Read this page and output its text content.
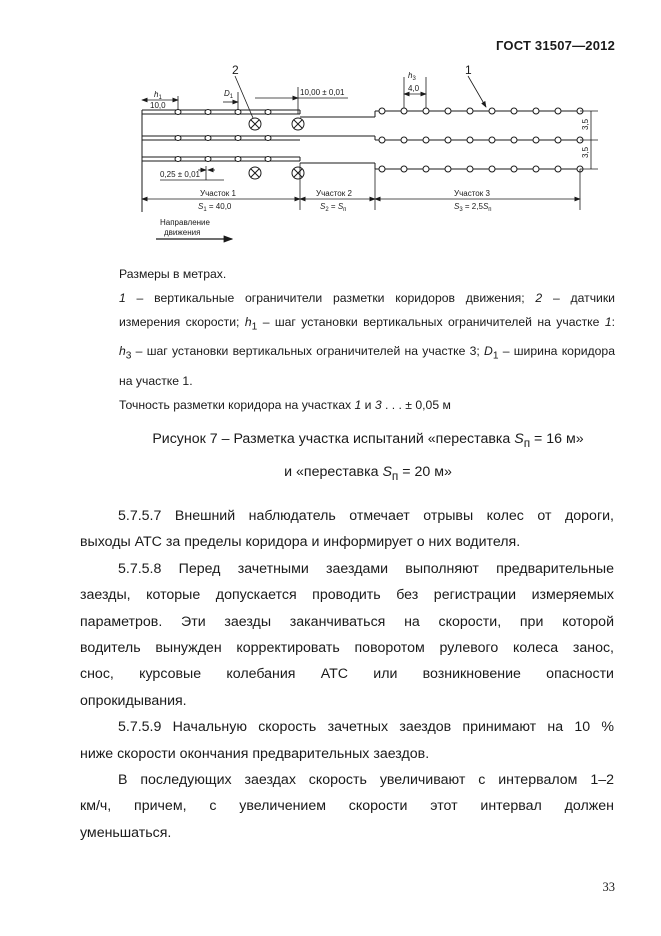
ГОСТ 31507—2012
2	1
$h_1$
10,0
$D_1$	10,00 ± 0,01
$h_3$
4,0
0,25 ± 0,01
3,5
3,5
Участок 1
$S_1 = 40,0$
Участок 2
$S_2 = S_п$
Участок 3
$S_3 = 2,5S_п$
Направление
движения

Размеры в метрах.

1 – вертикальные ограничители разметки коридоров движения; 2 – датчики

измерения скорости; $h_1$ – шаг установки вертикальных ограничителей на участке 1:

$h_3$ – шаг установки вертикальных ограничителей на участке 3; $D_1$ – ширина коридора

на участке 1.

Точность разметки коридора на участках 1 и 3 . . . ± 0,05 м

Рисунок 7 – Разметка участка испытаний «переставка $S_п = 16$ м»

и «переставка $S_п = 20$ м»

5.7.5.7 Внешний наблюдатель отмечает отрывы колес от дороги,

выходы АТС за пределы коридора и информирует о них водителя.

5.7.5.8 Перед зачетными заездами выполняют предварительные

заезды, которые допускается проводить без регистрации измеряемых

параметров. Эти заезды заканчиваться на скорости, при которой

водитель вынужден корректировать поворотом рулевого колеса занос,

снос, курсовые колебания АТС или возникновение опасности

опрокидывания.

5.7.5.9 Начальную скорость зачетных заездов принимают на 10 %

ниже скорости окончания предварительных заездов.

В последующих заездах скорость увеличивают с интервалом 1–2

км/ч, причем, с увеличением скорости этот интервал должен

уменьшаться.

33
